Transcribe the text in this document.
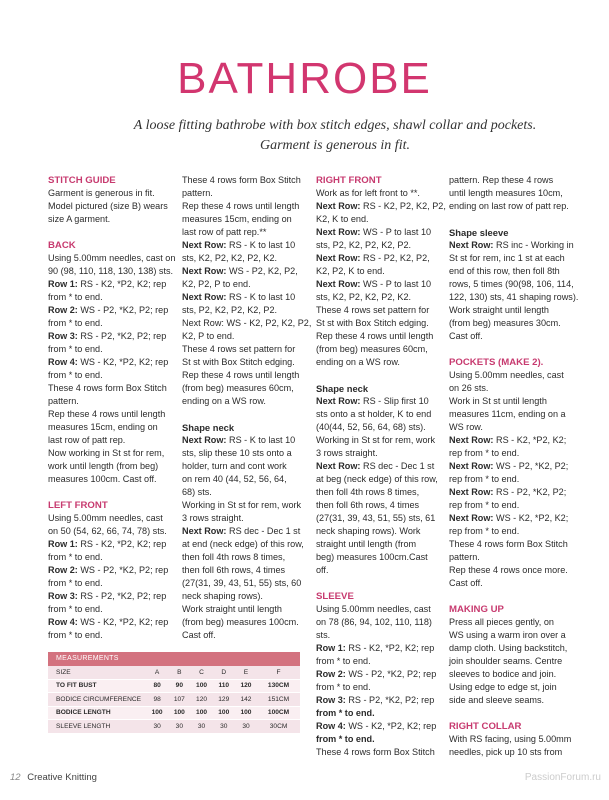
BATHROBE
A loose fitting bathrobe with box stitch edges, shawl collar and pockets.
Garment is generous in fit.

STITCH GUIDE

Garment is generous in fit.

Model pictured (size B) wears

size A garment.

BACK

Using 5.00mm needles, cast on

90 (98, 110, 118, 130, 138) sts.

Row 1: RS - K2, *P2, K2; rep

from * to end.

Row 2: WS - P2, *K2, P2; rep

from * to end.

Row 3: RS - P2, *K2, P2; rep

from * to end.

Row 4: WS - K2, *P2, K2; rep

from * to end.

These 4 rows form Box Stitch

pattern.

Rep these 4 rows until length

measures 15cm, ending on

last row of patt rep.

Now working in St st for rem,

work until length (from beg)

measures 100cm. Cast off.

LEFT FRONT

Using 5.00mm needles, cast

on 50 (54, 62, 66, 74, 78) sts.

Row 1: RS - K2, *P2, K2; rep

from * to end.

Row 2: WS - P2, *K2, P2; rep

from * to end.

Row 3: RS - P2, *K2, P2; rep

from * to end.

Row 4: WS - K2, *P2, K2; rep

from * to end.

These 4 rows form Box Stitch

pattern.

Rep these 4 rows until length

measures 15cm, ending on

last row of patt rep.**

Next Row: RS - K to last 10

sts, K2, P2, K2, P2, K2.

Next Row: WS - P2, K2, P2,

K2, P2, P to end.

Next Row: RS - K to last 10

sts, P2, K2, P2, K2, P2.

Next Row: WS - K2, P2, K2, P2,

K2, P to end.

These 4 rows set pattern for

St st with Box Stitch edging.

Rep these 4 rows until length

(from beg) measures 60cm,

ending on a WS row.

Shape neck

Next Row: RS - K to last 10

sts, slip these 10 sts onto a

holder, turn and cont work

on rem 40 (44, 52, 56, 64,

68) sts.

Working in St st for rem, work

3 rows straight.

Next Row: RS dec - Dec 1 st

at end (neck edge) of this row,

then foll 4th rows 8 times,

then foll 6th rows, 4 times

(27(31, 39, 43, 51, 55) sts, 60

neck shaping rows).

Work straight until length

(from beg) measures 100cm.

Cast off.

RIGHT FRONT

Work as for left front to **.

Next Row: RS - K2, P2, K2, P2,

K2, K to end.

Next Row: WS - P to last 10

sts, P2, K2, P2, K2, P2.

Next Row: RS - P2, K2, P2,

K2, P2, K to end.

Next Row: WS - P to last 10

sts, K2, P2, K2, P2, K2.

These 4 rows set pattern for

St st with Box Stitch edging.

Rep these 4 rows until length

(from beg) measures 60cm,

ending on a WS row.

Shape neck

Next Row: RS - Slip first 10

sts onto a st holder, K to end

(40(44, 52, 56, 64, 68) sts).

Working in St st for rem, work

3 rows straight.

Next Row: RS dec - Dec 1 st

at beg (neck edge) of this row,

then foll 4th rows 8 times,

then foll 6th rows, 4 times

(27(31, 39, 43, 51, 55) sts, 61

neck shaping rows). Work

straight until length (from

beg) measures 100cm.Cast

off.

SLEEVE

Using 5.00mm needles, cast

on 78 (86, 94, 102, 110, 118)

sts.

Row 1: RS - K2, *P2, K2; rep

from * to end.

Row 2: WS - P2, *K2, P2; rep

from * to end.

Row 3: RS - P2, *K2, P2; rep

from * to end.

Row 4: WS - K2, *P2, K2; rep

from * to end.

These 4 rows form Box Stitch

pattern. Rep these 4 rows

until length measures 10cm,

ending on last row of patt rep.

Shape sleeve

Next Row: RS inc - Working in

St st for rem, inc 1 st at each

end of this row, then foll 8th

rows, 5 times (90(98, 106, 114,

122, 130) sts, 41 shaping rows).

Work straight until length

(from beg) measures 30cm.

Cast off.

POCKETS (MAKE 2).

Using 5.00mm needles, cast

on 26 sts.

Work in St st until length

measures 11cm, ending on a

WS row.

Next Row: RS - K2, *P2, K2;

rep from * to end.

Next Row: WS - P2, *K2, P2;

rep from * to end.

Next Row: RS - P2, *K2, P2;

rep from * to end.

Next Row: WS - K2, *P2, K2;

rep from * to end.

These 4 rows form Box Stitch

pattern.

Rep these 4 rows once more.

Cast off.

MAKING UP

Press all pieces gently, on

WS using a warm iron over a

damp cloth. Using backstitch,

join shoulder seams. Centre

sleeves to bodice and join.

Using edge to edge st, join

side and sleeve seams.

RIGHT COLLAR

With RS facing, using 5.00mm

needles, pick up 10 sts from

MEASUREMENTS
SIZE	A	B	C	D	E	F
TO FIT BUST	80	90	100	110	120	130CM
BODICE CIRCUMFERENCE	98	107	120	129	142	151CM
BODICE LENGTH	100	100	100	100	100	100CM
SLEEVE LENGTH	30	30	30	30	30	30CM
12 Creative Knitting	PassionForum.ru
